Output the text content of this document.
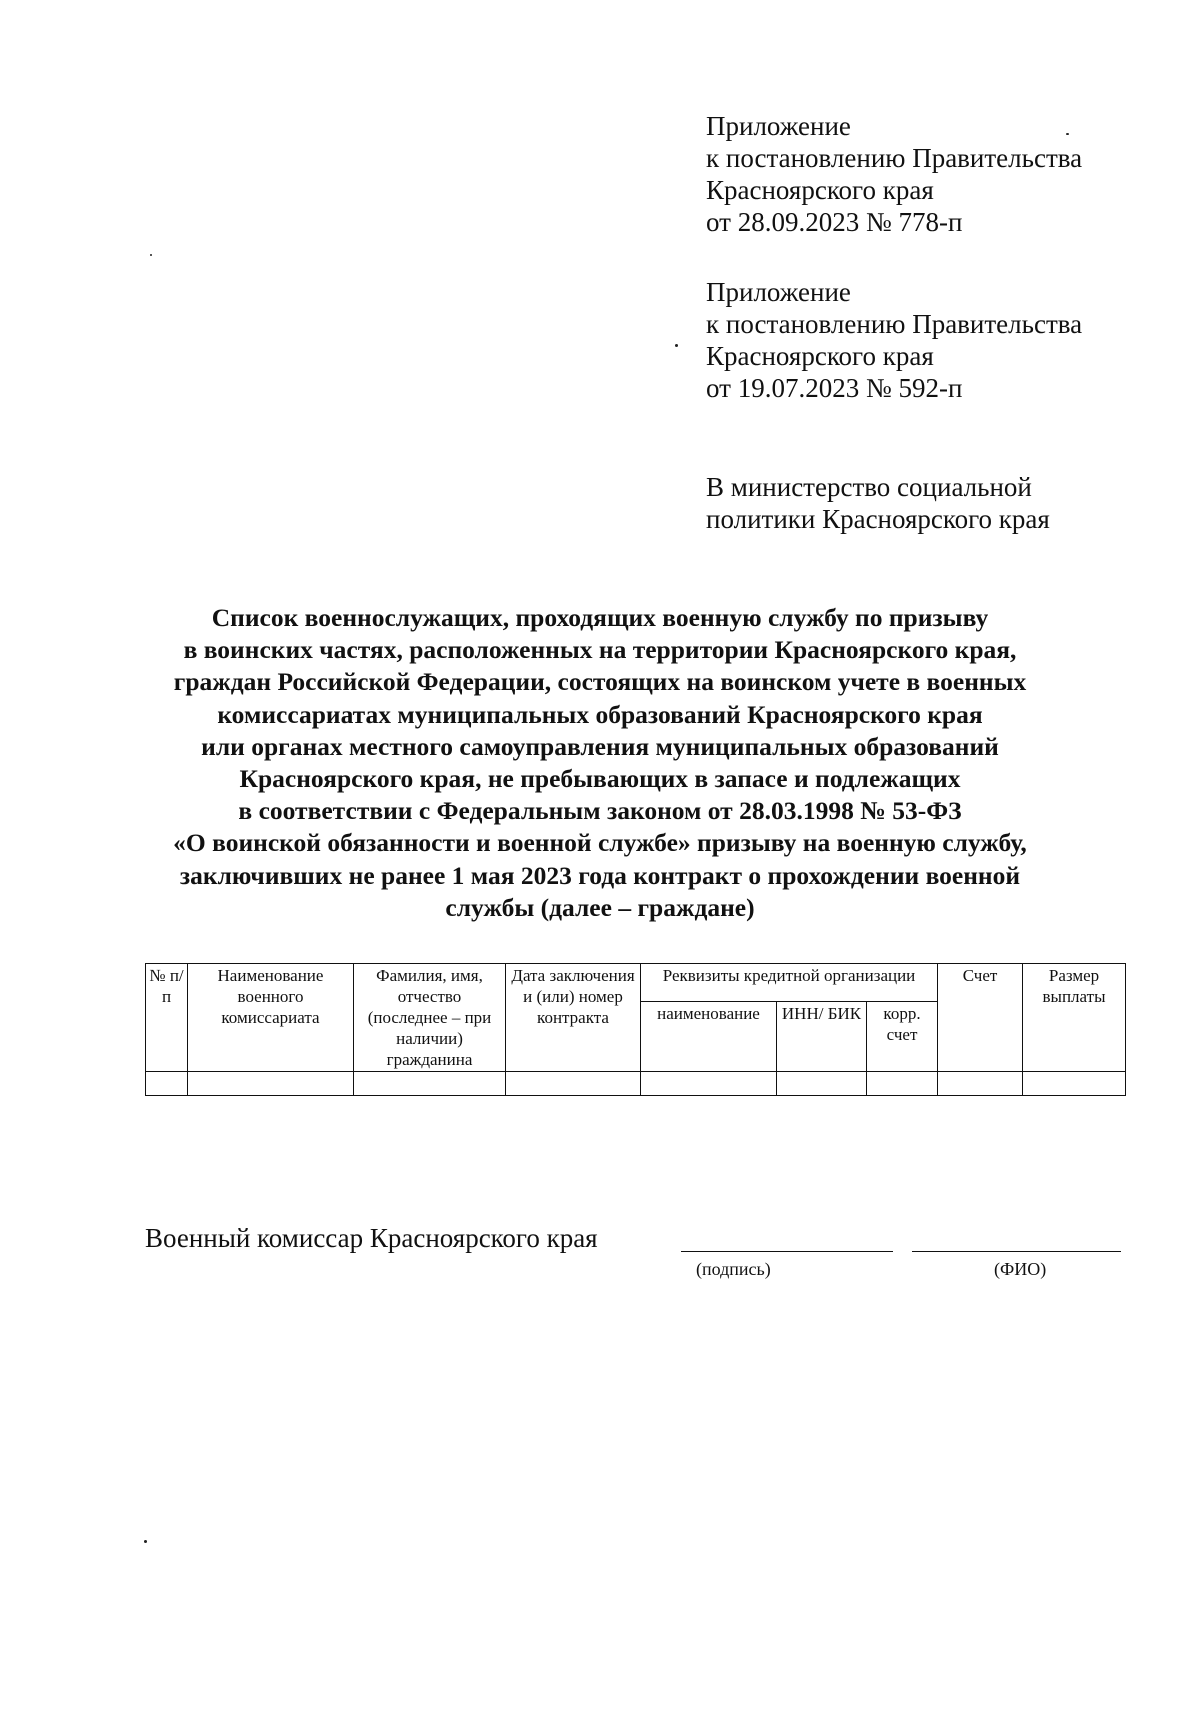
Приложение
к постановлению Правительства
Красноярского края
от 28.09.2023 № 778-п
Приложение
к постановлению Правительства
Красноярского края
от 19.07.2023 № 592-п
В министерство социальной
политики Красноярского края
Список военнослужащих, проходящих военную службу по призыву
в воинских частях, расположенных на территории Красноярского края,
граждан Российской Федерации, состоящих на воинском учете в военных
комиссариатах муниципальных образований Красноярского края
или органах местного самоуправления муниципальных образований
Красноярского края, не пребывающих в запасе и подлежащих
в соответствии с Федеральным законом от 28.03.1998 № 53-ФЗ
«О воинской обязанности и военной службе» призыву на военную службу,
заключивших не ранее 1 мая 2023 года контракт о прохождении военной
службы (далее – граждане)
№ п/п	Наименование военного комиссариата	Фамилия, имя, отчество (последнее – при наличии) гражданина	Дата заключения и (или) номер контракта	Реквизиты кредитной организации			Счет	Размер выплаты
				наименование	ИНН/ БИК	корр. счет		

Военный комиссар Красноярского края
(подпись)	(ФИО)
